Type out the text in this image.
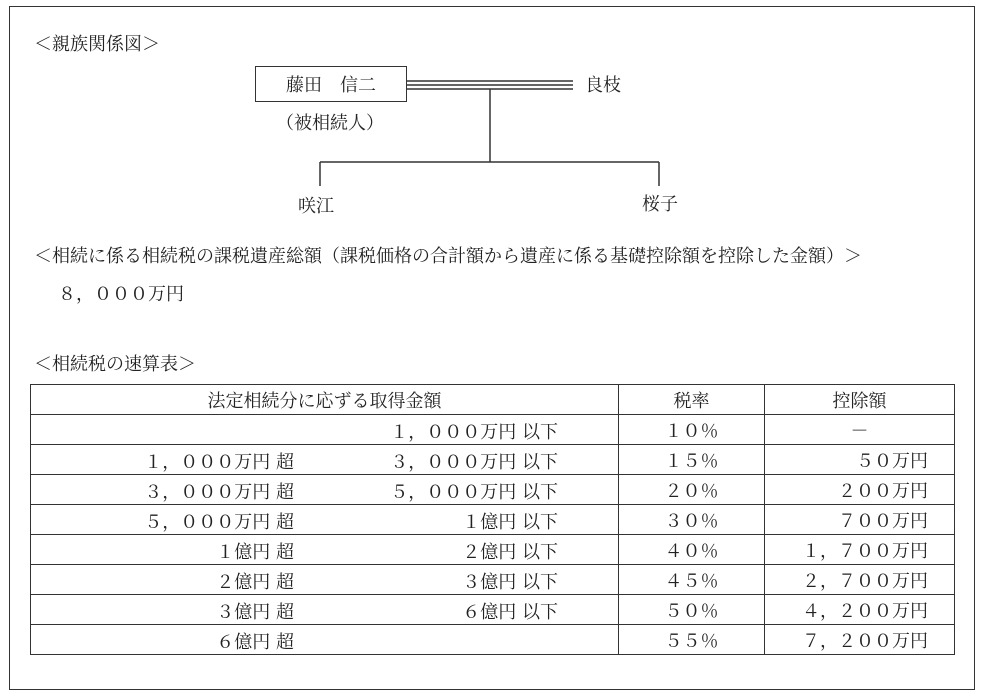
＜親族関係図＞
藤田　信二
（被相続人）
良枝
咲江	桜子
＜相続に係る相続税の課税遺産総額（課税価格の合計額から遺産に係る基礎控除額を控除した金額）＞
８，０００万円
＜相続税の速算表＞
法定相続分に応ずる取得金額	税率	控除額

１，０００万円 以下	１０％	－

１，０００万円 超 ３，０００万円 以下	１５％	５０万円

３，０００万円 超 ５，０００万円 以下	２０％	２００万円

５，０００万円 超 １億円 以下	３０％	７００万円

１億円 超 ２億円 以下	４０％	１，７００万円

２億円 超 ３億円 以下	４５％	２，７００万円

３億円 超 ６億円 以下	５０％	４，２００万円

６億円 超	５５％	７，２００万円
